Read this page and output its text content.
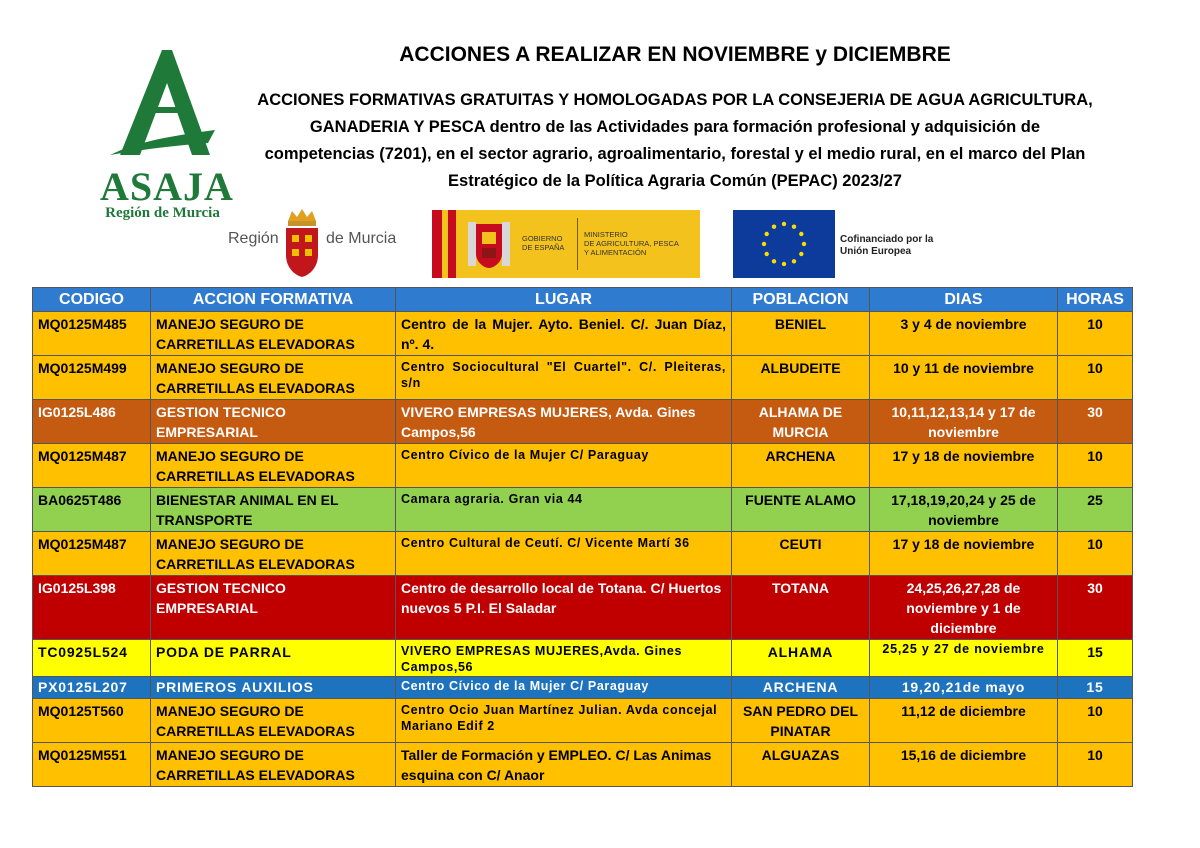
ASAJA
Región de Murcia
ACCIONES A REALIZAR EN NOVIEMBRE y DICIEMBRE
ACCIONES FORMATIVAS GRATUITAS Y HOMOLOGADAS POR LA CONSEJERIA DE AGUA AGRICULTURA, GANADERIA Y PESCA dentro de las Actividades para formación profesional y adquisición de competencias (7201), en el sector agrario, agroalimentario, forestal y el medio rural, en el marco del Plan Estratégico de la Política Agraria Común (PEPAC) 2023/27
Región	de Murcia	GOBIERNO
DE ESPAÑA
MINISTERIO
DE AGRICULTURA, PESCA
Y ALIMENTACIÓN
Cofinanciado por la
Unión Europea
CODIGO	ACCION FORMATIVA	LUGAR	POBLACION	DIAS	HORAS
MQ0125M485	MANEJO SEGURO DE CARRETILLAS ELEVADORAS	Centro de la Mujer. Ayto. Beniel. C/. Juan Díaz, nº. 4.	BENIEL	3 y 4 de noviembre	10
MQ0125M499	MANEJO SEGURO DE CARRETILLAS ELEVADORAS	Centro Sociocultural "El Cuartel". C/. Pleiteras, s/n	ALBUDEITE	10 y 11 de noviembre	10
IG0125L486	GESTION TECNICO EMPRESARIAL	VIVERO EMPRESAS MUJERES, Avda. Gines Campos,56	ALHAMA DE MURCIA	10,11,12,13,14 y 17 de noviembre	30
MQ0125M487	MANEJO SEGURO DE CARRETILLAS ELEVADORAS	Centro Cívico de la Mujer C/ Paraguay	ARCHENA	17 y 18 de noviembre	10
BA0625T486	BIENESTAR ANIMAL EN EL TRANSPORTE	Camara agraria. Gran via 44	FUENTE ALAMO	17,18,19,20,24 y 25 de noviembre	25
MQ0125M487	MANEJO SEGURO DE CARRETILLAS ELEVADORAS	Centro Cultural de Ceutí. C/ Vicente Martí 36	CEUTI	17 y 18 de noviembre	10
IG0125L398	GESTION TECNICO EMPRESARIAL	Centro de desarrollo local de Totana. C/ Huertos nuevos 5 P.I. El Saladar	TOTANA	24,25,26,27,28 de noviembre y 1 de diciembre	30
TC0925L524	PODA DE PARRAL	VIVERO EMPRESAS MUJERES,Avda. Gines Campos,56	ALHAMA	25,25 y 27 de noviembre	15
PX0125L207	PRIMEROS AUXILIOS	Centro Cívico de la Mujer C/ Paraguay	ARCHENA	19,20,21de mayo	15
MQ0125T560	MANEJO SEGURO DE CARRETILLAS ELEVADORAS	Centro Ocio Juan Martínez Julian. Avda concejal Mariano Edif 2	SAN PEDRO DEL PINATAR	11,12 de diciembre	10
MQ0125M551	MANEJO SEGURO DE CARRETILLAS ELEVADORAS	Taller de Formación y EMPLEO. C/ Las Animas esquina con C/ Anaor	ALGUAZAS	15,16 de diciembre	10
